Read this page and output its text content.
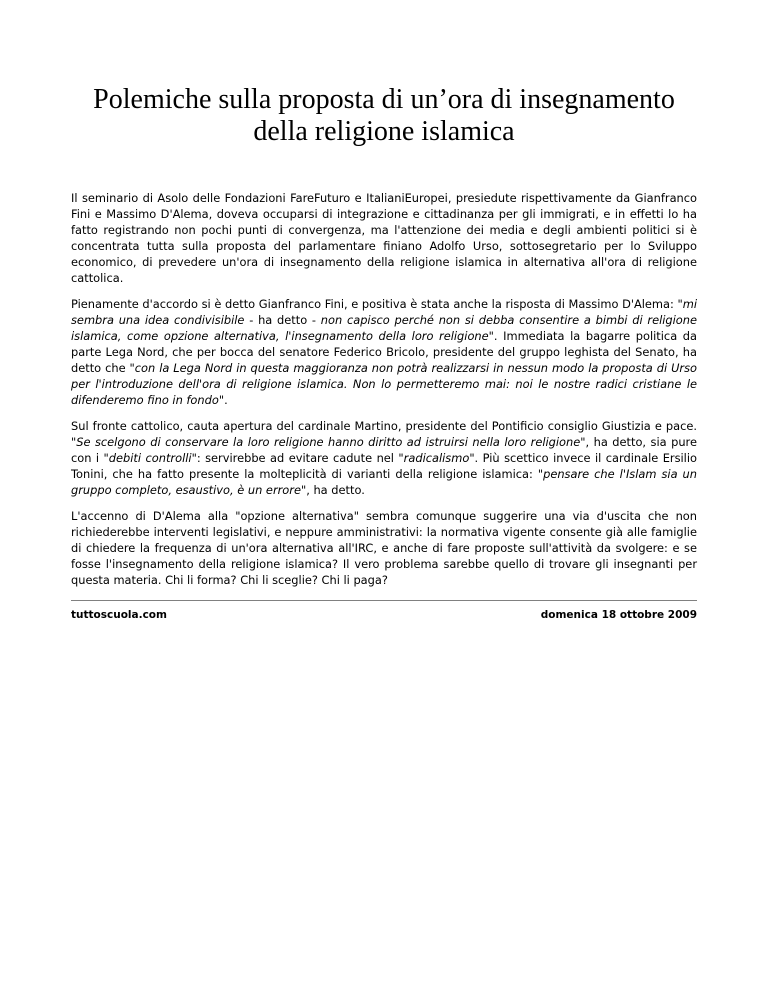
Polemiche sulla proposta di un’ora di insegnamento
della religione islamica

Il seminario di Asolo delle Fondazioni FareFuturo e ItalianiEuropei, presiedute rispettivamente da Gianfranco Fini e Massimo D'Alema, doveva occuparsi di integrazione e cittadinanza per gli immigrati, e in effetti lo ha fatto registrando non pochi punti di convergenza, ma l'attenzione dei media e degli ambienti politici si è concentrata tutta sulla proposta del parlamentare finiano Adolfo Urso, sottosegretario per lo Sviluppo economico, di prevedere un'ora di insegnamento della religione islamica in alternativa all'ora di religione cattolica.

Pienamente d'accordo si è detto Gianfranco Fini, e positiva è stata anche la risposta di Massimo D'Alema: "mi sembra una idea condivisibile - ha detto - non capisco perché non si debba consentire a bimbi di religione islamica, come opzione alternativa, l'insegnamento della loro religione". Immediata la bagarre politica da parte Lega Nord, che per bocca del senatore Federico Bricolo, presidente del gruppo leghista del Senato, ha detto che "con la Lega Nord in questa maggioranza non potrà realizzarsi in nessun modo la proposta di Urso per l'introduzione dell'ora di religione islamica. Non lo permetteremo mai: noi le nostre radici cristiane le difenderemo fino in fondo".

Sul fronte cattolico, cauta apertura del cardinale Martino, presidente del Pontificio consiglio Giustizia e pace. "Se scelgono di conservare la loro religione hanno diritto ad istruirsi nella loro religione", ha detto, sia pure con i "debiti controlli": servirebbe ad evitare cadute nel "radicalismo". Più scettico invece il cardinale Ersilio Tonini, che ha fatto presente la molteplicità di varianti della religione islamica: "pensare che l'Islam sia un gruppo completo, esaustivo, è un errore", ha detto.

L'accenno di D'Alema alla "opzione alternativa" sembra comunque suggerire una via d'uscita che non richiederebbe interventi legislativi, e neppure amministrativi: la normativa vigente consente già alle famiglie di chiedere la frequenza di un'ora alternativa all'IRC, e anche di fare proposte sull'attività da svolgere: e se fosse l'insegnamento della religione islamica? Il vero problema sarebbe quello di trovare gli insegnanti per questa materia. Chi li forma? Chi li sceglie? Chi li paga?

tuttoscuola.com	domenica 18 ottobre 2009
